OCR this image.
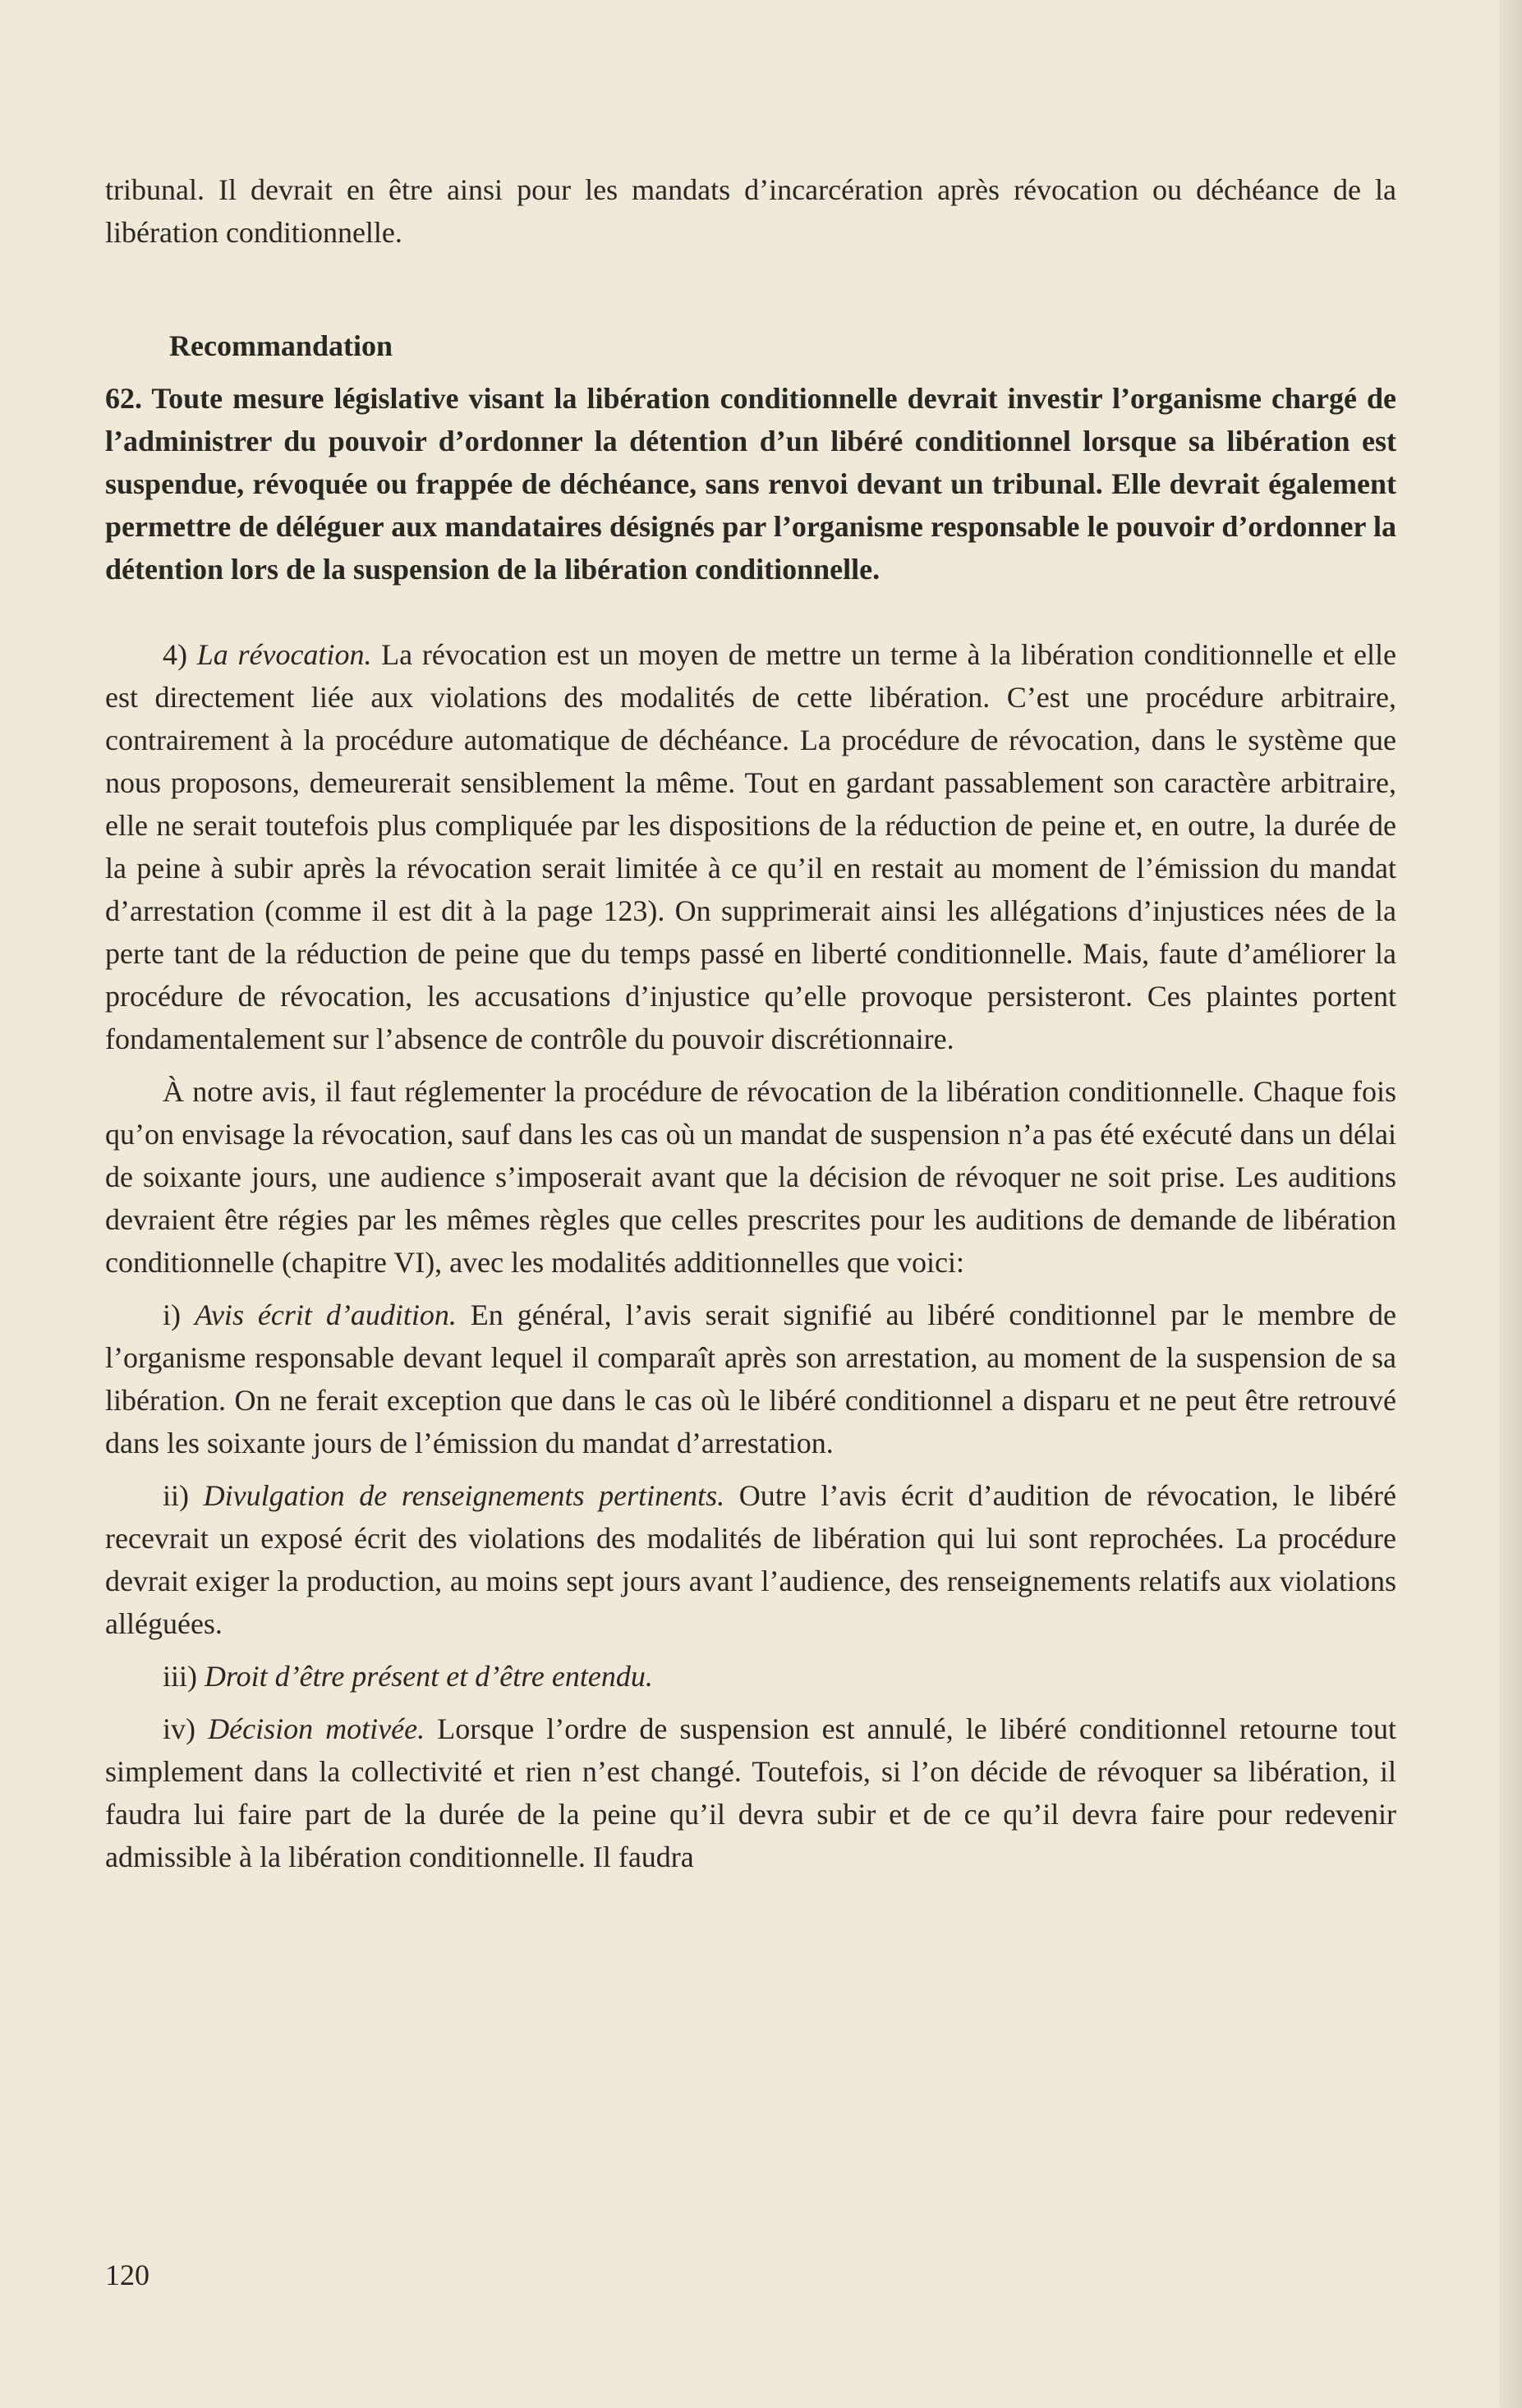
tribunal. Il devrait en être ainsi pour les mandats d’incarcération après révocation ou déchéance de la libération conditionnelle.

Recommandation

62. Toute mesure législative visant la libération conditionnelle devrait investir l’organisme chargé de l’administrer du pouvoir d’ordonner la détention d’un libéré conditionnel lorsque sa libération est suspendue, révoquée ou frappée de déchéance, sans renvoi devant un tribunal. Elle devrait également permettre de déléguer aux mandataires désignés par l’organisme responsable le pouvoir d’ordonner la détention lors de la suspension de la libération conditionnelle.

4) La révocation. La révocation est un moyen de mettre un terme à la libération conditionnelle et elle est directement liée aux violations des modalités de cette libération. C’est une procédure arbitraire, contrairement à la procédure automatique de déchéance. La procédure de révocation, dans le système que nous proposons, demeurerait sensiblement la même. Tout en gardant passablement son caractère arbitraire, elle ne serait toutefois plus compliquée par les dispositions de la réduction de peine et, en outre, la durée de la peine à subir après la révocation serait limitée à ce qu’il en restait au moment de l’émission du mandat d’arrestation (comme il est dit à la page 123). On supprimerait ainsi les allégations d’injustices nées de la perte tant de la réduction de peine que du temps passé en liberté conditionnelle. Mais, faute d’améliorer la procédure de révocation, les accusations d’injustice qu’elle provoque persisteront. Ces plaintes portent fondamentalement sur l’absence de contrôle du pouvoir discrétionnaire.

À notre avis, il faut réglementer la procédure de révocation de la libération conditionnelle. Chaque fois qu’on envisage la révocation, sauf dans les cas où un mandat de suspension n’a pas été exécuté dans un délai de soixante jours, une audience s’imposerait avant que la décision de révoquer ne soit prise. Les auditions devraient être régies par les mêmes règles que celles prescrites pour les auditions de demande de libération conditionnelle (chapitre VI), avec les modalités additionnelles que voici:

i) Avis écrit d’audition. En général, l’avis serait signifié au libéré conditionnel par le membre de l’organisme responsable devant lequel il comparaît après son arrestation, au moment de la suspension de sa libération. On ne ferait exception que dans le cas où le libéré conditionnel a disparu et ne peut être retrouvé dans les soixante jours de l’émission du mandat d’arrestation.

ii) Divulgation de renseignements pertinents. Outre l’avis écrit d’audition de révocation, le libéré recevrait un exposé écrit des violations des modalités de libération qui lui sont reprochées. La procédure devrait exiger la production, au moins sept jours avant l’audience, des renseignements relatifs aux violations alléguées.

iii) Droit d’être présent et d’être entendu.

iv) Décision motivée. Lorsque l’ordre de suspension est annulé, le libéré conditionnel retourne tout simplement dans la collectivité et rien n’est changé. Toutefois, si l’on décide de révoquer sa libération, il faudra lui faire part de la durée de la peine qu’il devra subir et de ce qu’il devra faire pour redevenir admissible à la libération conditionnelle. Il faudra

120
